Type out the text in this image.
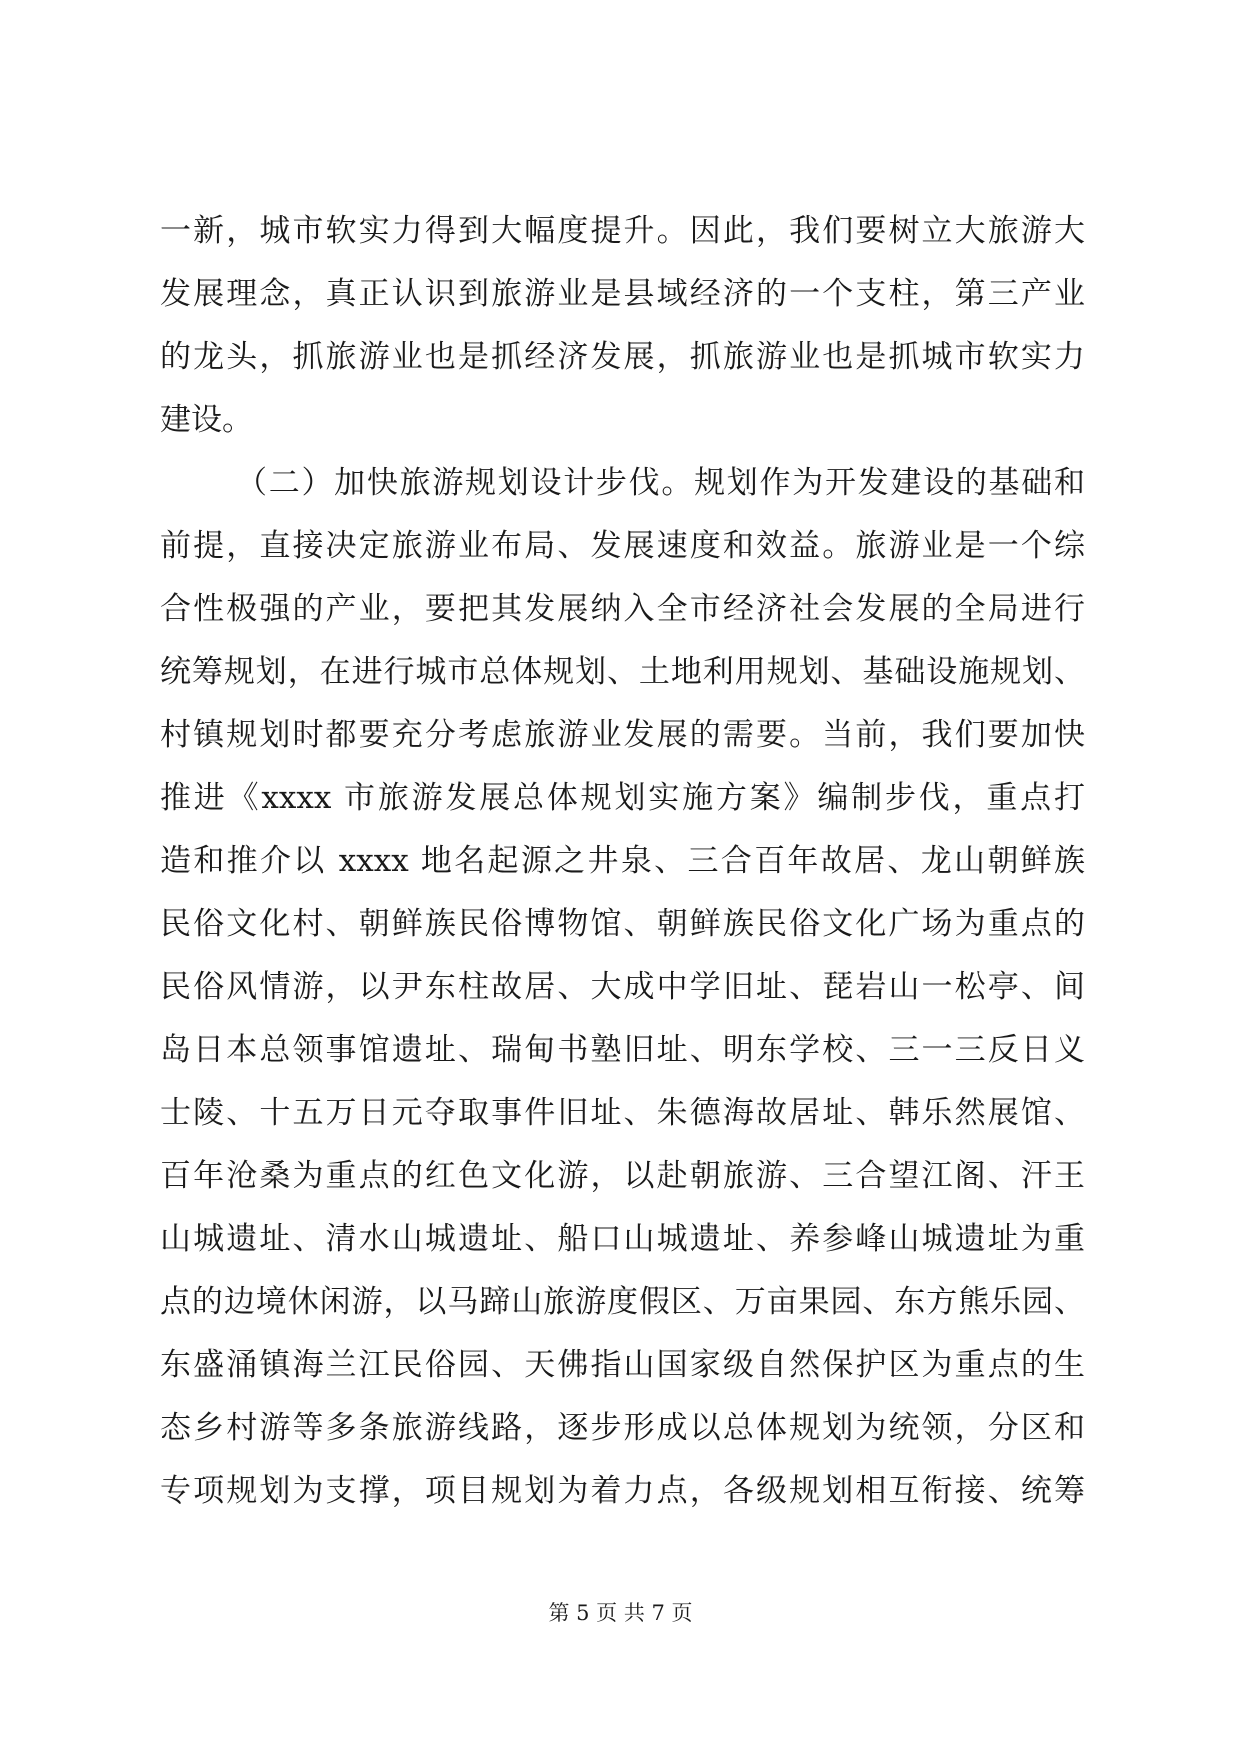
一新，城市软实力得到大幅度提升。因此，我们要树立大旅游大
发展理念，真正认识到旅游业是县域经济的一个支柱，第三产业
的龙头，抓旅游业也是抓经济发展，抓旅游业也是抓城市软实力
建设。
（二）加快旅游规划设计步伐。规划作为开发建设的基础和
前提，直接决定旅游业布局、发展速度和效益。旅游业是一个综
合性极强的产业，要把其发展纳入全市经济社会发展的全局进行
统筹规划，在进行城市总体规划、土地利用规划、基础设施规划、
村镇规划时都要充分考虑旅游业发展的需要。当前，我们要加快
推进《xxxx 市旅游发展总体规划实施方案》编制步伐，重点打
造和推介以 xxxx 地名起源之井泉、三合百年故居、龙山朝鲜族
民俗文化村、朝鲜族民俗博物馆、朝鲜族民俗文化广场为重点的
民俗风情游，以尹东柱故居、大成中学旧址、琵岩山一松亭、间
岛日本总领事馆遗址、瑞甸书塾旧址、明东学校、三一三反日义
士陵、十五万日元夺取事件旧址、朱德海故居址、韩乐然展馆、
百年沧桑为重点的红色文化游，以赴朝旅游、三合望江阁、汗王
山城遗址、清水山城遗址、船口山城遗址、养参峰山城遗址为重
点的边境休闲游，以马蹄山旅游度假区、万亩果园、东方熊乐园、
东盛涌镇海兰江民俗园、天佛指山国家级自然保护区为重点的生
态乡村游等多条旅游线路，逐步形成以总体规划为统领，分区和
专项规划为支撑，项目规划为着力点，各级规划相互衔接、统筹
第 5 页 共 7 页
